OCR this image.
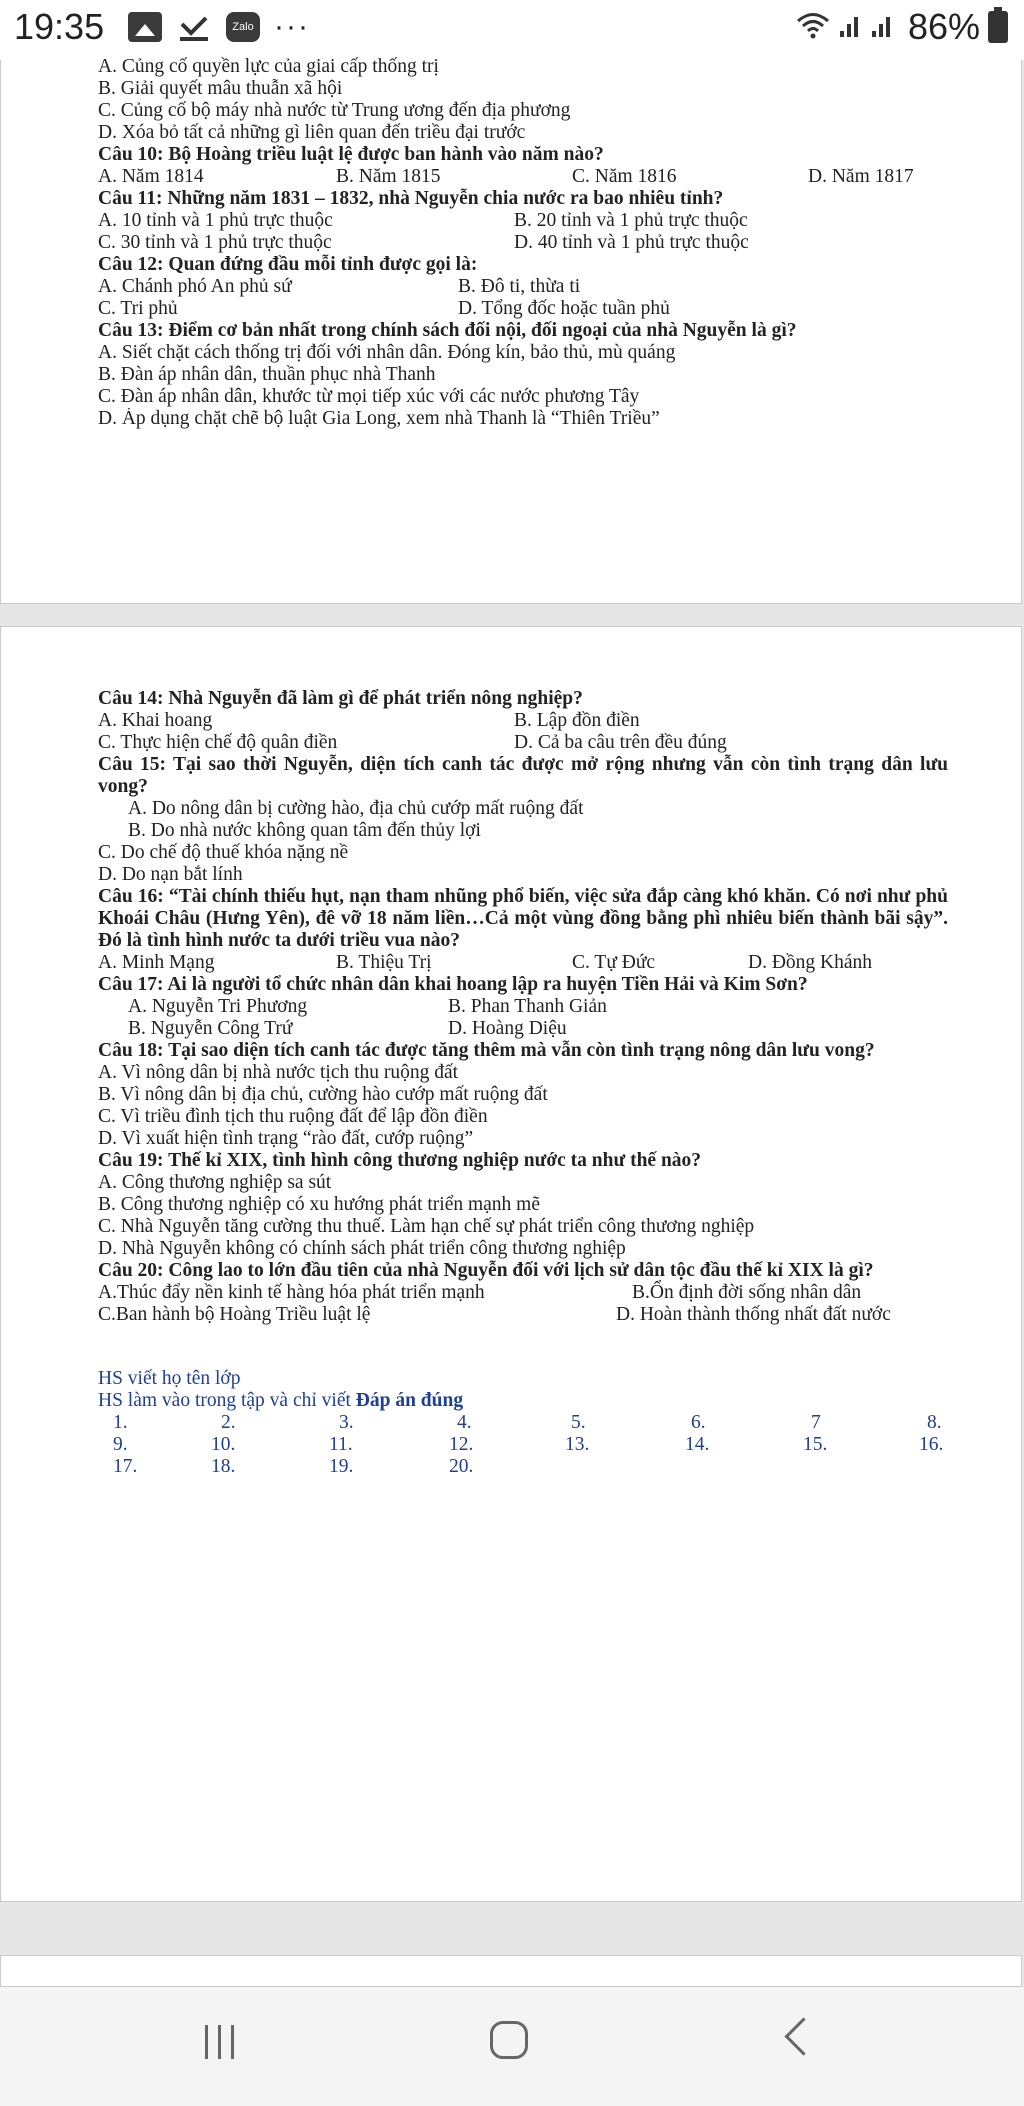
19:35	Zalo ···	86%
A. Củng cố quyền lực của giai cấp thống trị
B. Giải quyết mâu thuẫn xã hội
C. Củng cố bộ máy nhà nước từ Trung ương đến địa phương
D. Xóa bỏ tất cả những gì liên quan đến triều đại trước
Câu 10: Bộ Hoàng triều luật lệ được ban hành vào năm nào?
A. Năm 1814	B. Năm 1815	C. Năm 1816	D. Năm 1817
Câu 11: Những năm 1831 – 1832, nhà Nguyễn chia nước ra bao nhiêu tỉnh?
A. 10 tỉnh và 1 phủ trực thuộc	B. 20 tỉnh và 1 phủ trực thuộc
C. 30 tỉnh và 1 phủ trực thuộc	D. 40 tỉnh và 1 phủ trực thuộc
Câu 12: Quan đứng đầu mỗi tỉnh được gọi là:
A. Chánh phó An phủ sứ	B. Đô ti, thừa ti
C. Tri phủ	D. Tổng đốc hoặc tuần phủ
Câu 13: Điểm cơ bản nhất trong chính sách đối nội, đối ngoại của nhà Nguyễn là gì?
A. Siết chặt cách thống trị đối với nhân dân. Đóng kín, bảo thủ, mù quáng
B. Đàn áp nhân dân, thuần phục nhà Thanh
C. Đàn áp nhân dân, khước từ mọi tiếp xúc với các nước phương Tây
D. Áp dụng chặt chẽ bộ luật Gia Long, xem nhà Thanh là “Thiên Triều”
Câu 14: Nhà Nguyễn đã làm gì để phát triển nông nghiệp?
A. Khai hoang	B. Lập đồn điền
C. Thực hiện chế độ quân điền	D. Cả ba câu trên đều đúng
Câu 15: Tại sao thời Nguyễn, diện tích canh tác được mở rộng nhưng vẫn còn tình trạng dân lưu vong?
A. Do nông dân bị cường hào, địa chủ cướp mất ruộng đất
B. Do nhà nước không quan tâm đến thủy lợi
C. Do chế độ thuế khóa nặng nề
D. Do nạn bắt lính
Câu 16: “Tài chính thiếu hụt, nạn tham nhũng phổ biến, việc sửa đắp càng khó khăn. Có nơi như phủ Khoái Châu (Hưng Yên), đê vỡ 18 năm liền…Cả một vùng đồng bằng phì nhiêu biến thành bãi sậy”. Đó là tình hình nước ta dưới triều vua nào?
A. Minh Mạng	B. Thiệu Trị	C. Tự Đức	D. Đồng Khánh
Câu 17: Ai là người tổ chức nhân dân khai hoang lập ra huyện Tiền Hải và Kim Sơn?
A. Nguyễn Tri Phương	B. Phan Thanh Giản
B. Nguyễn Công Trứ	D. Hoàng Diệu
Câu 18: Tại sao diện tích canh tác được tăng thêm mà vẫn còn tình trạng nông dân lưu vong?
A. Vì nông dân bị nhà nước tịch thu ruộng đất
B. Vì nông dân bị địa chủ, cường hào cướp mất ruộng đất
C. Vì triều đình tịch thu ruộng đất để lập đồn điền
D. Vì xuất hiện tình trạng “rào đất, cướp ruộng”
Câu 19: Thế kỉ XIX, tình hình công thương nghiệp nước ta như thế nào?
A. Công thương nghiệp sa sút
B. Công thương nghiệp có xu hướng phát triển mạnh mẽ
C. Nhà Nguyễn tăng cường thu thuế. Làm hạn chế sự phát triển công thương nghiệp
D. Nhà Nguyễn không có chính sách phát triển công thương nghiệp
Câu 20: Công lao to lớn đầu tiên của nhà Nguyễn đối với lịch sử dân tộc đầu thế kỉ XIX là gì?
A.Thúc đẩy nền kinh tế hàng hóa phát triển mạnh	B.Ổn định đời sống nhân dân
C.Ban hành bộ Hoàng Triều luật lệ	D. Hoàn thành thống nhất đất nước
HS viết họ tên lớp
HS làm vào trong tập và chỉ viết Đáp án đúng
1.	2.	3.	4.	5.	6.	7	8.
9.	10.	11.	12.	13.	14.	15.	16.
17.	18.	19.	20.
